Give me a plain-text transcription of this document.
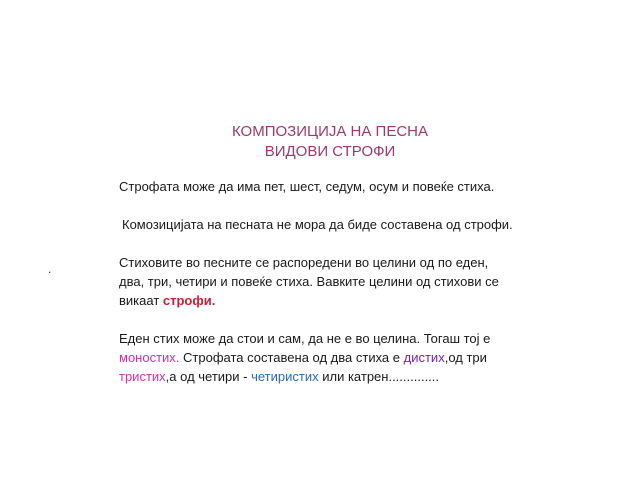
КОМПОЗИЦИЈА НА ПЕСНА
ВИДОВИ СТРОФИ
.

Строфата може да има пет, шест, седум, осум и повеќе стиха.

Комозицијата на песната не мора да биде составена од строфи.

Стиховите во песните се распоредени во целини од по еден,
два, три, четири и повеќе стиха. Вавките целини од стихови се
викаат строфи.
Еден стих може да стои и сам, да не е во целина. Тогаш тој е
моностих. Строфата составена од два стиха е дистих,од три
тристих,а од четири - четиристих или катрен..............
